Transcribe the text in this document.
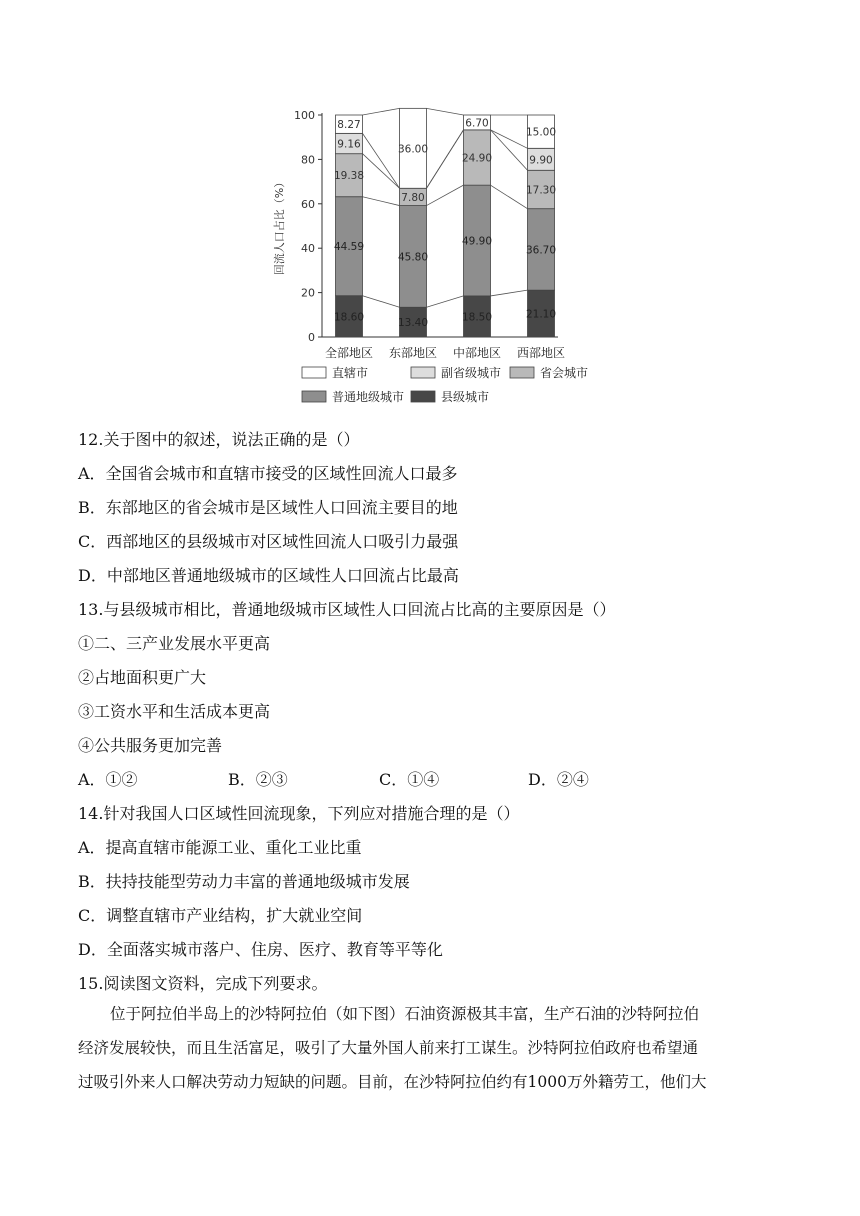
0
20
40
60
80
100
回流人口占比（%）
全部地区 东部地区 中部地区 西部地区
18.60
44.59
19.38
9.16
8.27
13.40
45.80
7.80
36.00
18.50
49.90
24.90
6.70
21.10
36.70
17.30
9.90
15.00
直辖市	副省级城市	省会城市
普通地级城市	县级城市
12.关于图中的叙述，说法正确的是（）
A．全国省会城市和直辖市接受的区域性回流人口最多
B．东部地区的省会城市是区域性人口回流主要目的地
C．西部地区的县级城市对区域性回流人口吸引力最强
D．中部地区普通地级城市的区域性人口回流占比最高
13.与县级城市相比，普通地级城市区域性人口回流占比高的主要原因是（）
①二、三产业发展水平更高
②占地面积更广大
③工资水平和生活成本更高
④公共服务更加完善
A．①②	B．②③	C．①④	D．②④
14.针对我国人口区域性回流现象，下列应对措施合理的是（）
A．提高直辖市能源工业、重化工业比重
B．扶持技能型劳动力丰富的普通地级城市发展
C．调整直辖市产业结构，扩大就业空间
D．全面落实城市落户、住房、医疗、教育等平等化
15.阅读图文资料，完成下列要求。
位于阿拉伯半岛上的沙特阿拉伯（如下图）石油资源极其丰富，生产石油的沙特阿拉伯
经济发展较快，而且生活富足，吸引了大量外国人前来打工谋生。沙特阿拉伯政府也希望通
过吸引外来人口解决劳动力短缺的问题。目前，在沙特阿拉伯约有1000万外籍劳工，他们大
